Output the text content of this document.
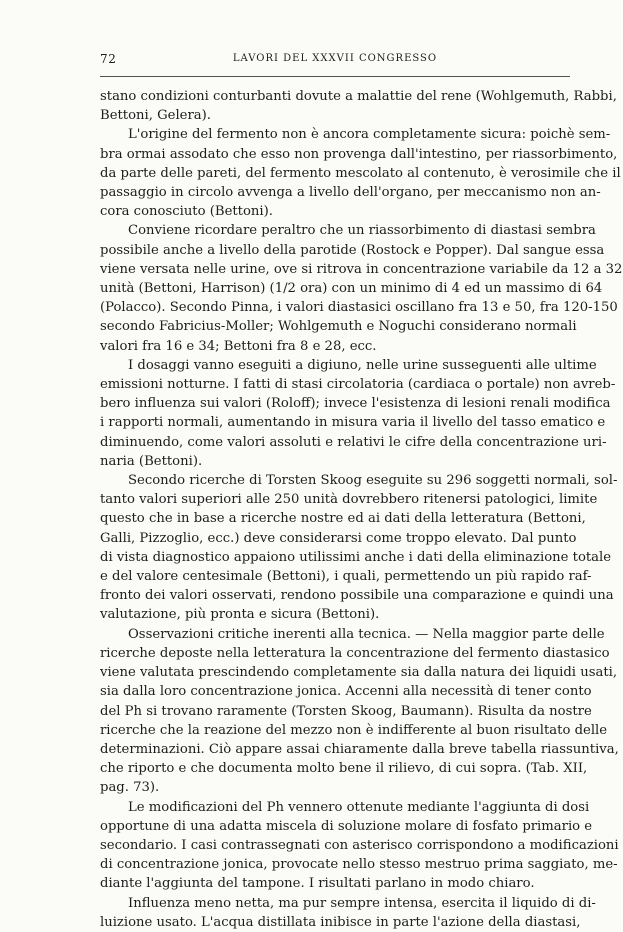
72	LAVORI DEL XXXVII CONGRESSO
stano condizioni conturbanti dovute a malattie del rene (Wohlgemuth, Rabbi,
Bettoni, Gelera).
L'origine del fermento non è ancora completamente sicura: poichè sem-
bra ormai assodato che esso non provenga dall'intestino, per riassorbimento,
da parte delle pareti, del fermento mescolato al contenuto, è verosimile che il
passaggio in circolo avvenga a livello dell'organo, per meccanismo non an-
cora conosciuto (Bettoni).
Conviene ricordare peraltro che un riassorbimento di diastasi sembra
possibile anche a livello della parotide (Rostock e Popper). Dal sangue essa
viene versata nelle urine, ove si ritrova in concentrazione variabile da 12 a 32
unità (Bettoni, Harrison) (1/2 ora) con un minimo di 4 ed un massimo di 64
(Polacco). Secondo Pinna, i valori diastasici oscillano fra 13 e 50, fra 120-150
secondo Fabricius-Moller; Wohlgemuth e Noguchi considerano normali
valori fra 16 e 34; Bettoni fra 8 e 28, ecc.
I dosaggi vanno eseguiti a digiuno, nelle urine susseguenti alle ultime
emissioni notturne. I fatti di stasi circolatoria (cardiaca o portale) non avreb-
bero influenza sui valori (Roloff); invece l'esistenza di lesioni renali modifica
i rapporti normali, aumentando in misura varia il livello del tasso ematico e
diminuendo, come valori assoluti e relativi le cifre della concentrazione uri-
naria (Bettoni).
Secondo ricerche di Torsten Skoog eseguite su 296 soggetti normali, sol-
tanto valori superiori alle 250 unità dovrebbero ritenersi patologici, limite
questo che in base a ricerche nostre ed ai dati della letteratura (Bettoni,
Galli, Pizzoglio, ecc.) deve considerarsi come troppo elevato. Dal punto
di vista diagnostico appaiono utilissimi anche i dati della eliminazione totale
e del valore centesimale (Bettoni), i quali, permettendo un più rapido raf-
fronto dei valori osservati, rendono possibile una comparazione e quindi una
valutazione, più pronta e sicura (Bettoni).
Osservazioni critiche inerenti alla tecnica. — Nella maggior parte delle
ricerche deposte nella letteratura la concentrazione del fermento diastasico
viene valutata prescindendo completamente sia dalla natura dei liquidi usati,
sia dalla loro concentrazione jonica. Accenni alla necessità di tener conto
del Ph si trovano raramente (Torsten Skoog, Baumann). Risulta da nostre
ricerche che la reazione del mezzo non è indifferente al buon risultato delle
determinazioni. Ciò appare assai chiaramente dalla breve tabella riassuntiva,
che riporto e che documenta molto bene il rilievo, di cui sopra. (Tab. XII,
pag. 73).
Le modificazioni del Ph vennero ottenute mediante l'aggiunta di dosi
opportune di una adatta miscela di soluzione molare di fosfato primario e
secondario. I casi contrassegnati con asterisco corrispondono a modificazioni
di concentrazione jonica, provocate nello stesso mestruo prima saggiato, me-
diante l'aggiunta del tampone. I risultati parlano in modo chiaro.
Influenza meno netta, ma pur sempre intensa, esercita il liquido di di-
luizione usato. L'acqua distillata inibisce in parte l'azione della diastasi,
